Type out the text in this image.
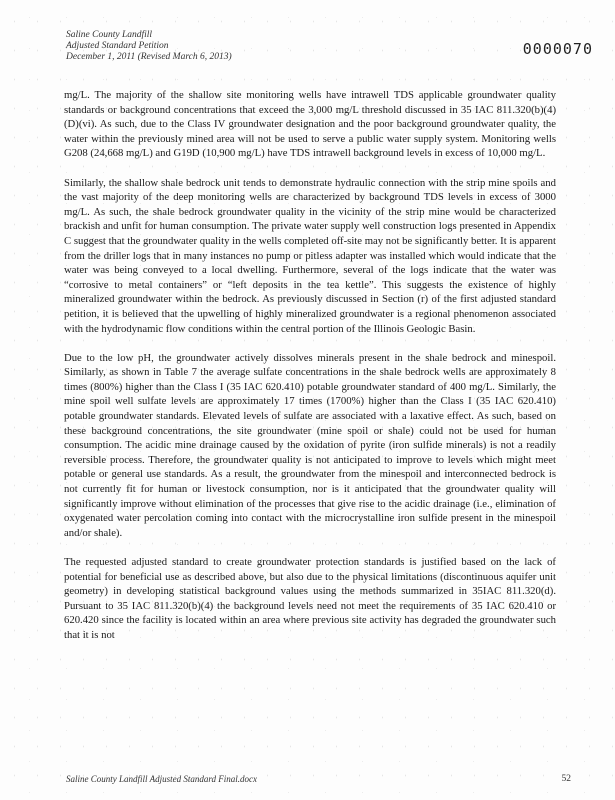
Saline County Landfill
Adjusted Standard Petition
December 1, 2011 (Revised March 6, 2013)	0000070

mg/L. The majority of the shallow site monitoring wells have intrawell TDS applicable groundwater quality standards or background concentrations that exceed the 3,000 mg/L threshold discussed in 35 IAC 811.320(b)(4)(D)(vi). As such, due to the Class IV groundwater designation and the poor background groundwater quality, the water within the previously mined area will not be used to serve a public water supply system. Monitoring wells G208 (24,668 mg/L) and G19D (10,900 mg/L) have TDS intrawell background levels in excess of 10,000 mg/L.

Similarly, the shallow shale bedrock unit tends to demonstrate hydraulic connection with the strip mine spoils and the vast majority of the deep monitoring wells are characterized by background TDS levels in excess of 3000 mg/L. As such, the shale bedrock groundwater quality in the vicinity of the strip mine would be characterized brackish and unfit for human consumption. The private water supply well construction logs presented in Appendix C suggest that the groundwater quality in the wells completed off-site may not be significantly better. It is apparent from the driller logs that in many instances no pump or pitless adapter was installed which would indicate that the water was being conveyed to a local dwelling. Furthermore, several of the logs indicate that the water was “corrosive to metal containers” or “left deposits in the tea kettle”. This suggests the existence of highly mineralized groundwater within the bedrock. As previously discussed in Section (r) of the first adjusted standard petition, it is believed that the upwelling of highly mineralized groundwater is a regional phenomenon associated with the hydrodynamic flow conditions within the central portion of the Illinois Geologic Basin.

Due to the low pH, the groundwater actively dissolves minerals present in the shale bedrock and minespoil. Similarly, as shown in Table 7 the average sulfate concentrations in the shale bedrock wells are approximately 8 times (800%) higher than the Class I (35 IAC 620.410) potable groundwater standard of 400 mg/L. Similarly, the mine spoil well sulfate levels are approximately 17 times (1700%) higher than the Class I (35 IAC 620.410) potable groundwater standards. Elevated levels of sulfate are associated with a laxative effect. As such, based on these background concentrations, the site groundwater (mine spoil or shale) could not be used for human consumption. The acidic mine drainage caused by the oxidation of pyrite (iron sulfide minerals) is not a readily reversible process. Therefore, the groundwater quality is not anticipated to improve to levels which might meet potable or general use standards. As a result, the groundwater from the minespoil and interconnected bedrock is not currently fit for human or livestock consumption, nor is it anticipated that the groundwater quality will significantly improve without elimination of the processes that give rise to the acidic drainage (i.e., elimination of oxygenated water percolation coming into contact with the microcrystalline iron sulfide present in the minespoil and/or shale).

The requested adjusted standard to create groundwater protection standards is justified based on the lack of potential for beneficial use as described above, but also due to the physical limitations (discontinuous aquifer unit geometry) in developing statistical background values using the methods summarized in 35IAC 811.320(d). Pursuant to 35 IAC 811.320(b)(4) the background levels need not meet the requirements of 35 IAC 620.410 or 620.420 since the facility is located within an area where previous site activity has degraded the groundwater such that it is not

Saline County Landfill Adjusted Standard Final.docx	52
